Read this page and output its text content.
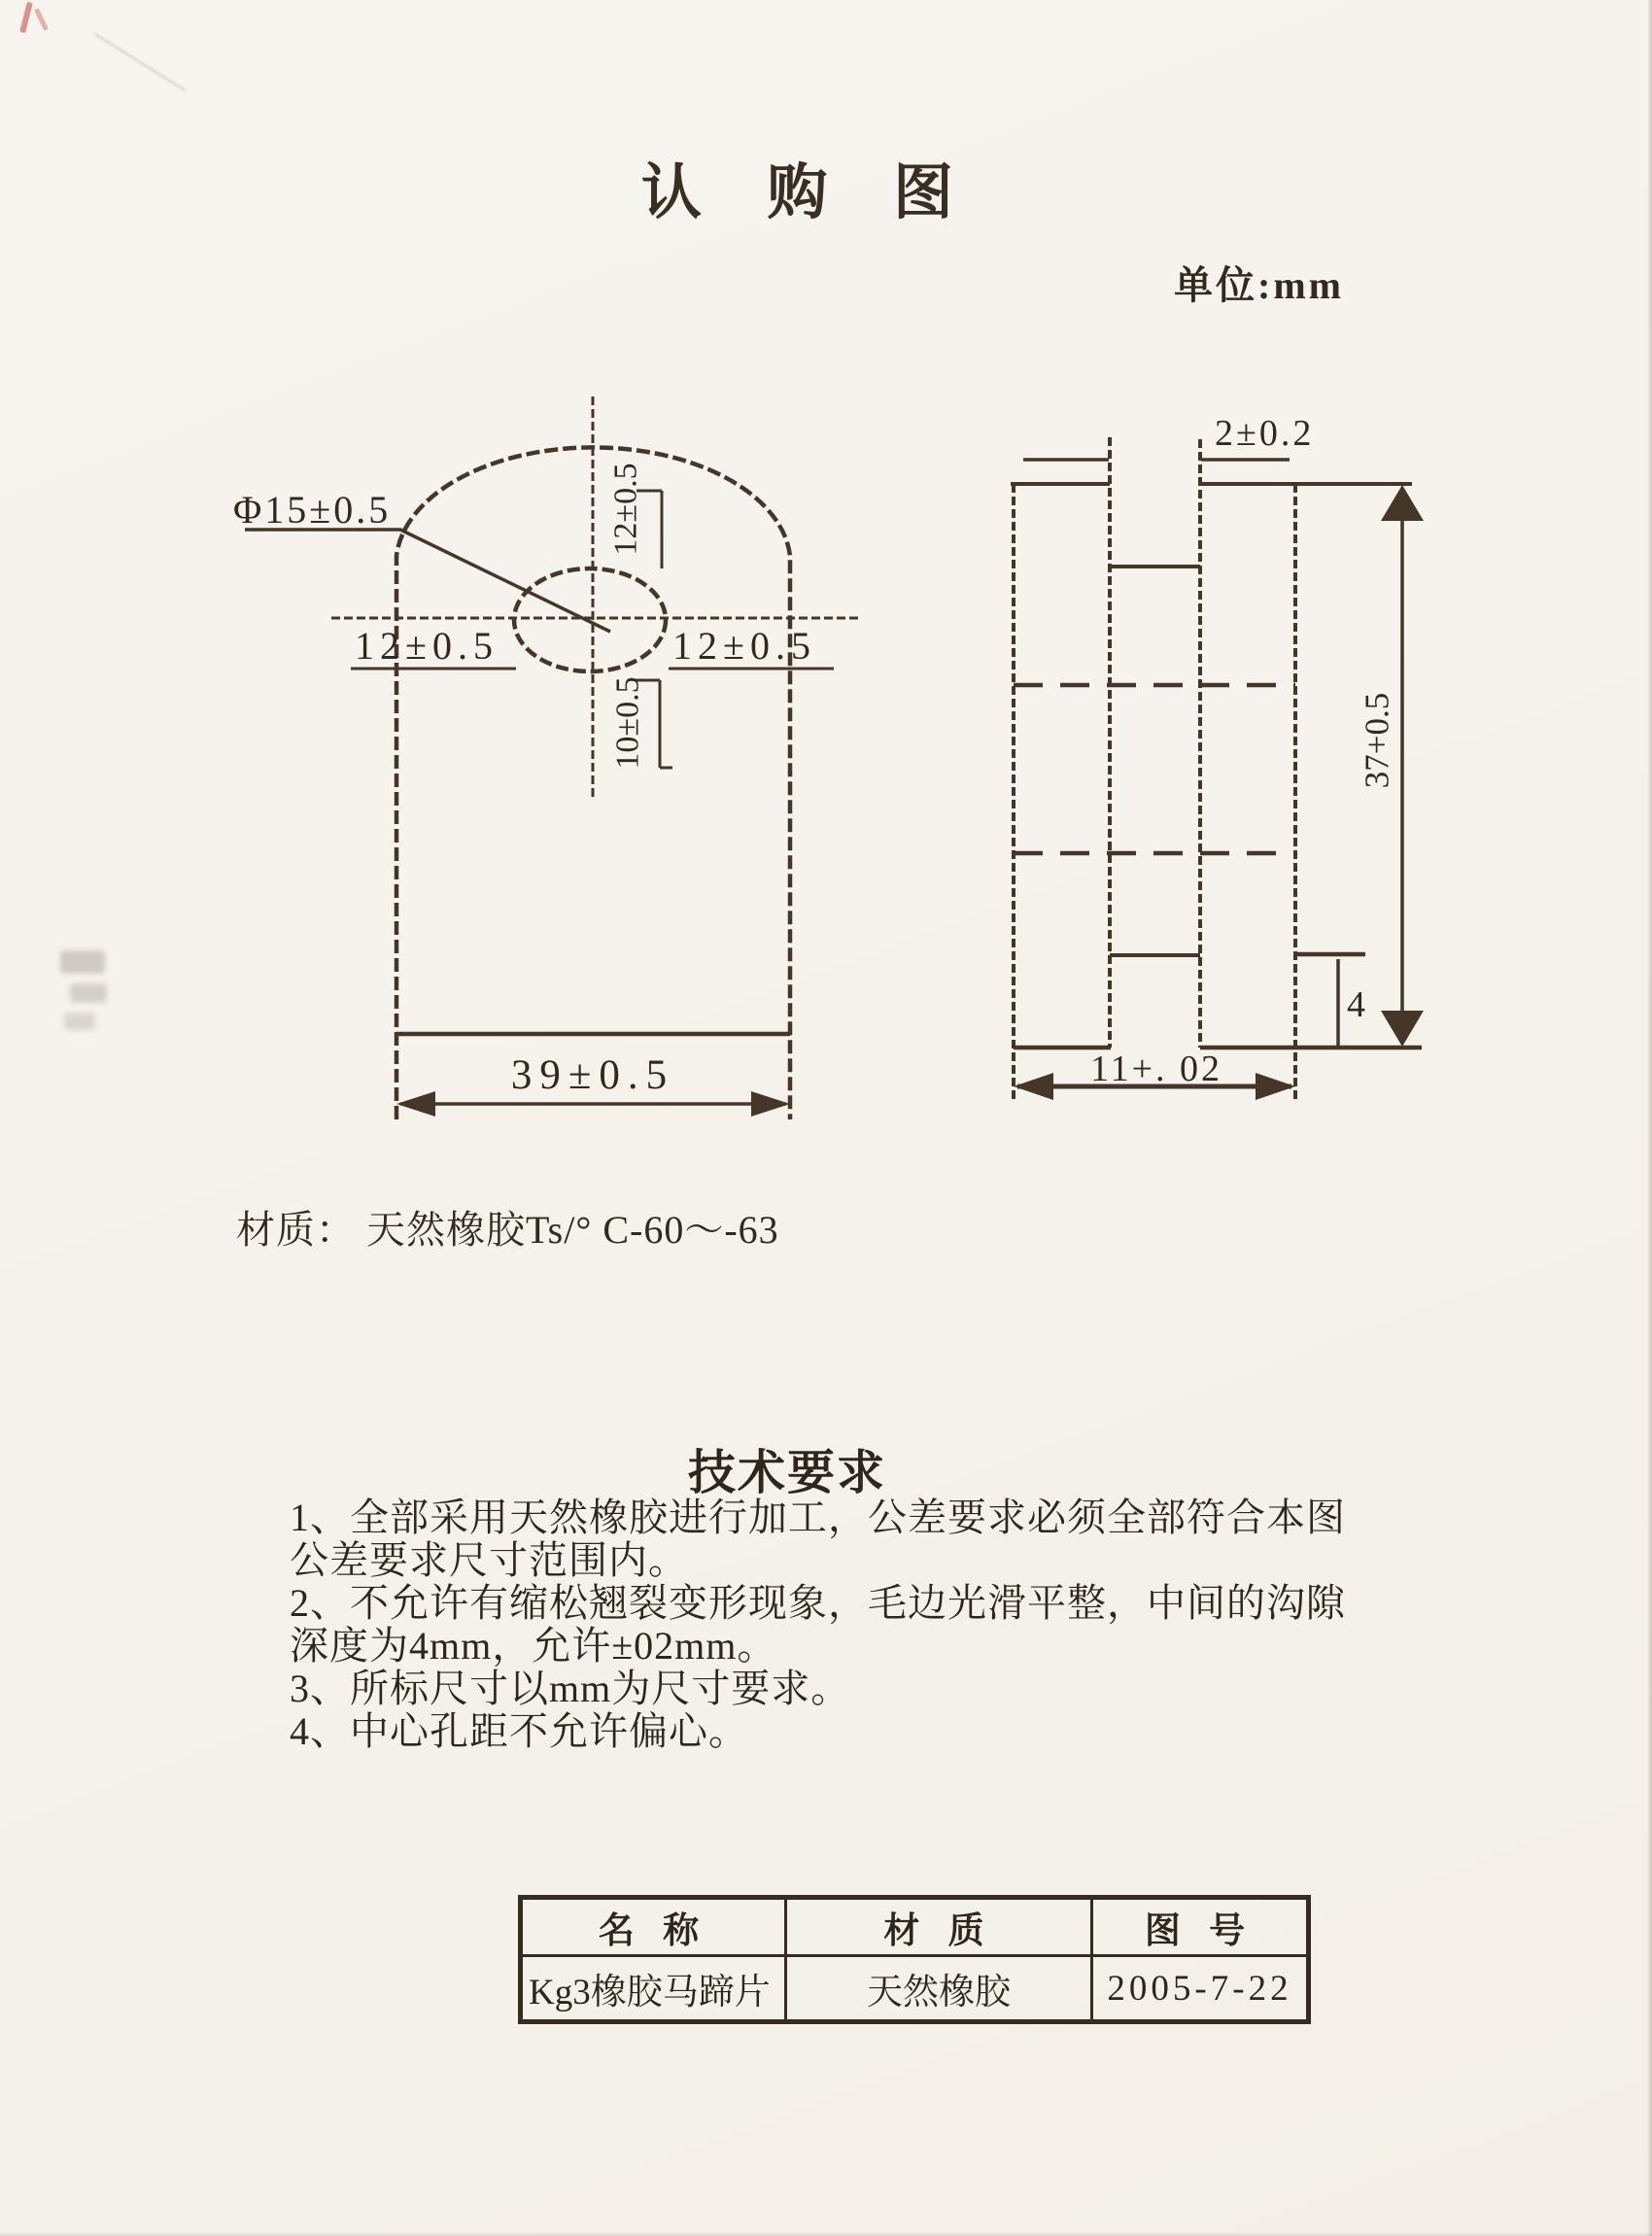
认 购 图
单位:mm
Φ15±0.5	12±0.5
12±0.5	12±0.5
10±0.5
39±0.5
2±0.2
37+0.5
4
11+. 02
材质： 天然橡胶Ts/° C-60～-63
技术要求
1、全部采用天然橡胶进行加工，公差要求必须全部符合本图
公差要求尺寸范围内。
2、不允许有缩松翘裂变形现象，毛边光滑平整，中间的沟隙
深度为4mm，允许±02mm。
3、所标尺寸以mm为尺寸要求。
4、中心孔距不允许偏心。
名 称	材 质	图 号
Kg3橡胶马蹄片	天然橡胶	2005-7-22
